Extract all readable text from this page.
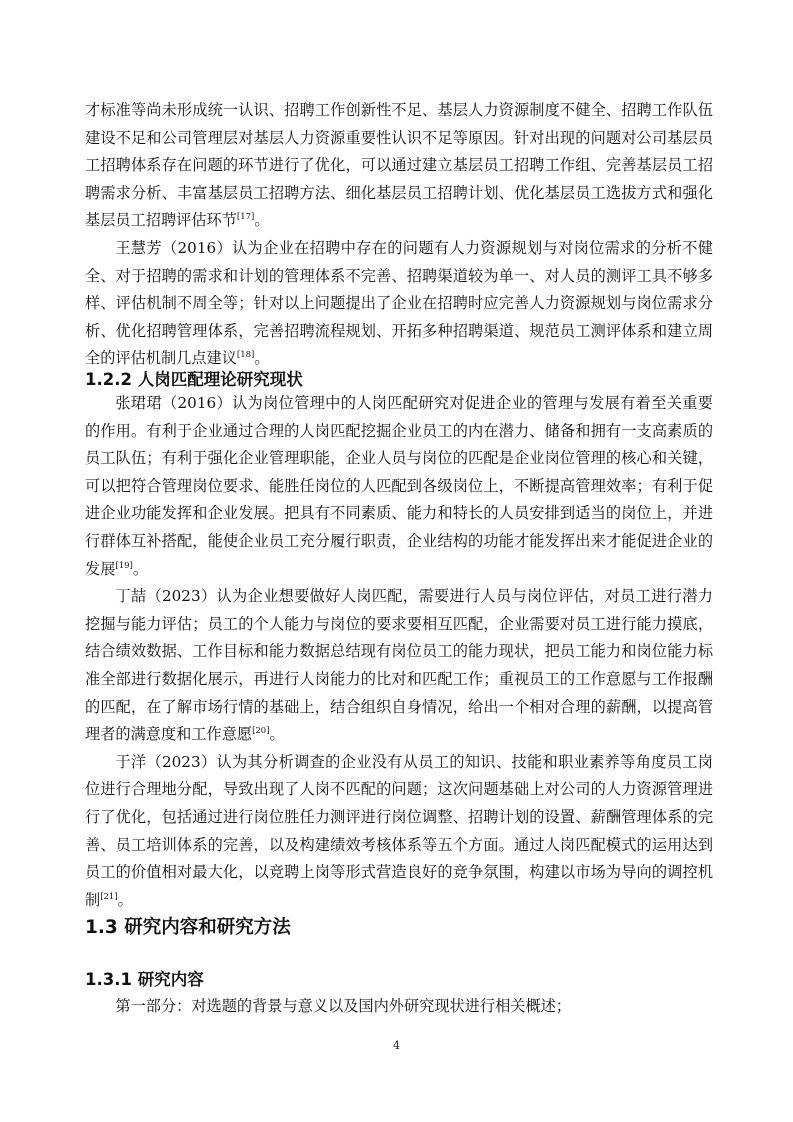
才标准等尚未形成统一认识、招聘工作创新性不足、基层人力资源制度不健全、招聘工作队伍建设不足和公司管理层对基层人力资源重要性认识不足等原因。针对出现的问题对公司基层员工招聘体系存在问题的环节进行了优化，可以通过建立基层员工招聘工作组、完善基层员工招聘需求分析、丰富基层员工招聘方法、细化基层员工招聘计划、优化基层员工选拔方式和强化基层员工招聘评估环节[17]。

王慧芳（2016）认为企业在招聘中存在的问题有人力资源规划与对岗位需求的分析不健全、对于招聘的需求和计划的管理体系不完善、招聘渠道较为单一、对人员的测评工具不够多样、评估机制不周全等；针对以上问题提出了企业在招聘时应完善人力资源规划与岗位需求分析、优化招聘管理体系，完善招聘流程规划、开拓多种招聘渠道、规范员工测评体系和建立周全的评估机制几点建议[18]。

1.2.2 人岗匹配理论研究现状

张珺珺（2016）认为岗位管理中的人岗匹配研究对促进企业的管理与发展有着至关重要的作用。有利于企业通过合理的人岗匹配挖掘企业员工的内在潜力、储备和拥有一支高素质的员工队伍；有利于强化企业管理职能，企业人员与岗位的匹配是企业岗位管理的核心和关键，可以把符合管理岗位要求、能胜任岗位的人匹配到各级岗位上，不断提高管理效率；有利于促进企业功能发挥和企业发展。把具有不同素质、能力和特长的人员安排到适当的岗位上，并进行群体互补搭配，能使企业员工充分履行职责，企业结构的功能才能发挥出来才能促进企业的发展[19]。

丁喆（2023）认为企业想要做好人岗匹配，需要进行人员与岗位评估，对员工进行潜力挖掘与能力评估；员工的个人能力与岗位的要求要相互匹配，企业需要对员工进行能力摸底，结合绩效数据、工作目标和能力数据总结现有岗位员工的能力现状，把员工能力和岗位能力标准全部进行数据化展示，再进行人岗能力的比对和匹配工作；重视员工的工作意愿与工作报酬的匹配，在了解市场行情的基础上，结合组织自身情况，给出一个相对合理的薪酬，以提高管理者的满意度和工作意愿[20]。

于洋（2023）认为其分析调查的企业没有从员工的知识、技能和职业素养等角度员工岗位进行合理地分配，导致出现了人岗不匹配的问题；这次问题基础上对公司的人力资源管理进行了优化，包括通过进行岗位胜任力测评进行岗位调整、招聘计划的设置、薪酬管理体系的完善、员工培训体系的完善，以及构建绩效考核体系等五个方面。通过人岗匹配模式的运用达到员工的价值相对最大化，以竞聘上岗等形式营造良好的竞争氛围，构建以市场为导向的调控机制[21]。

1.3 研究内容和研究方法
1.3.1 研究内容

第一部分：对选题的背景与意义以及国内外研究现状进行相关概述；

4
